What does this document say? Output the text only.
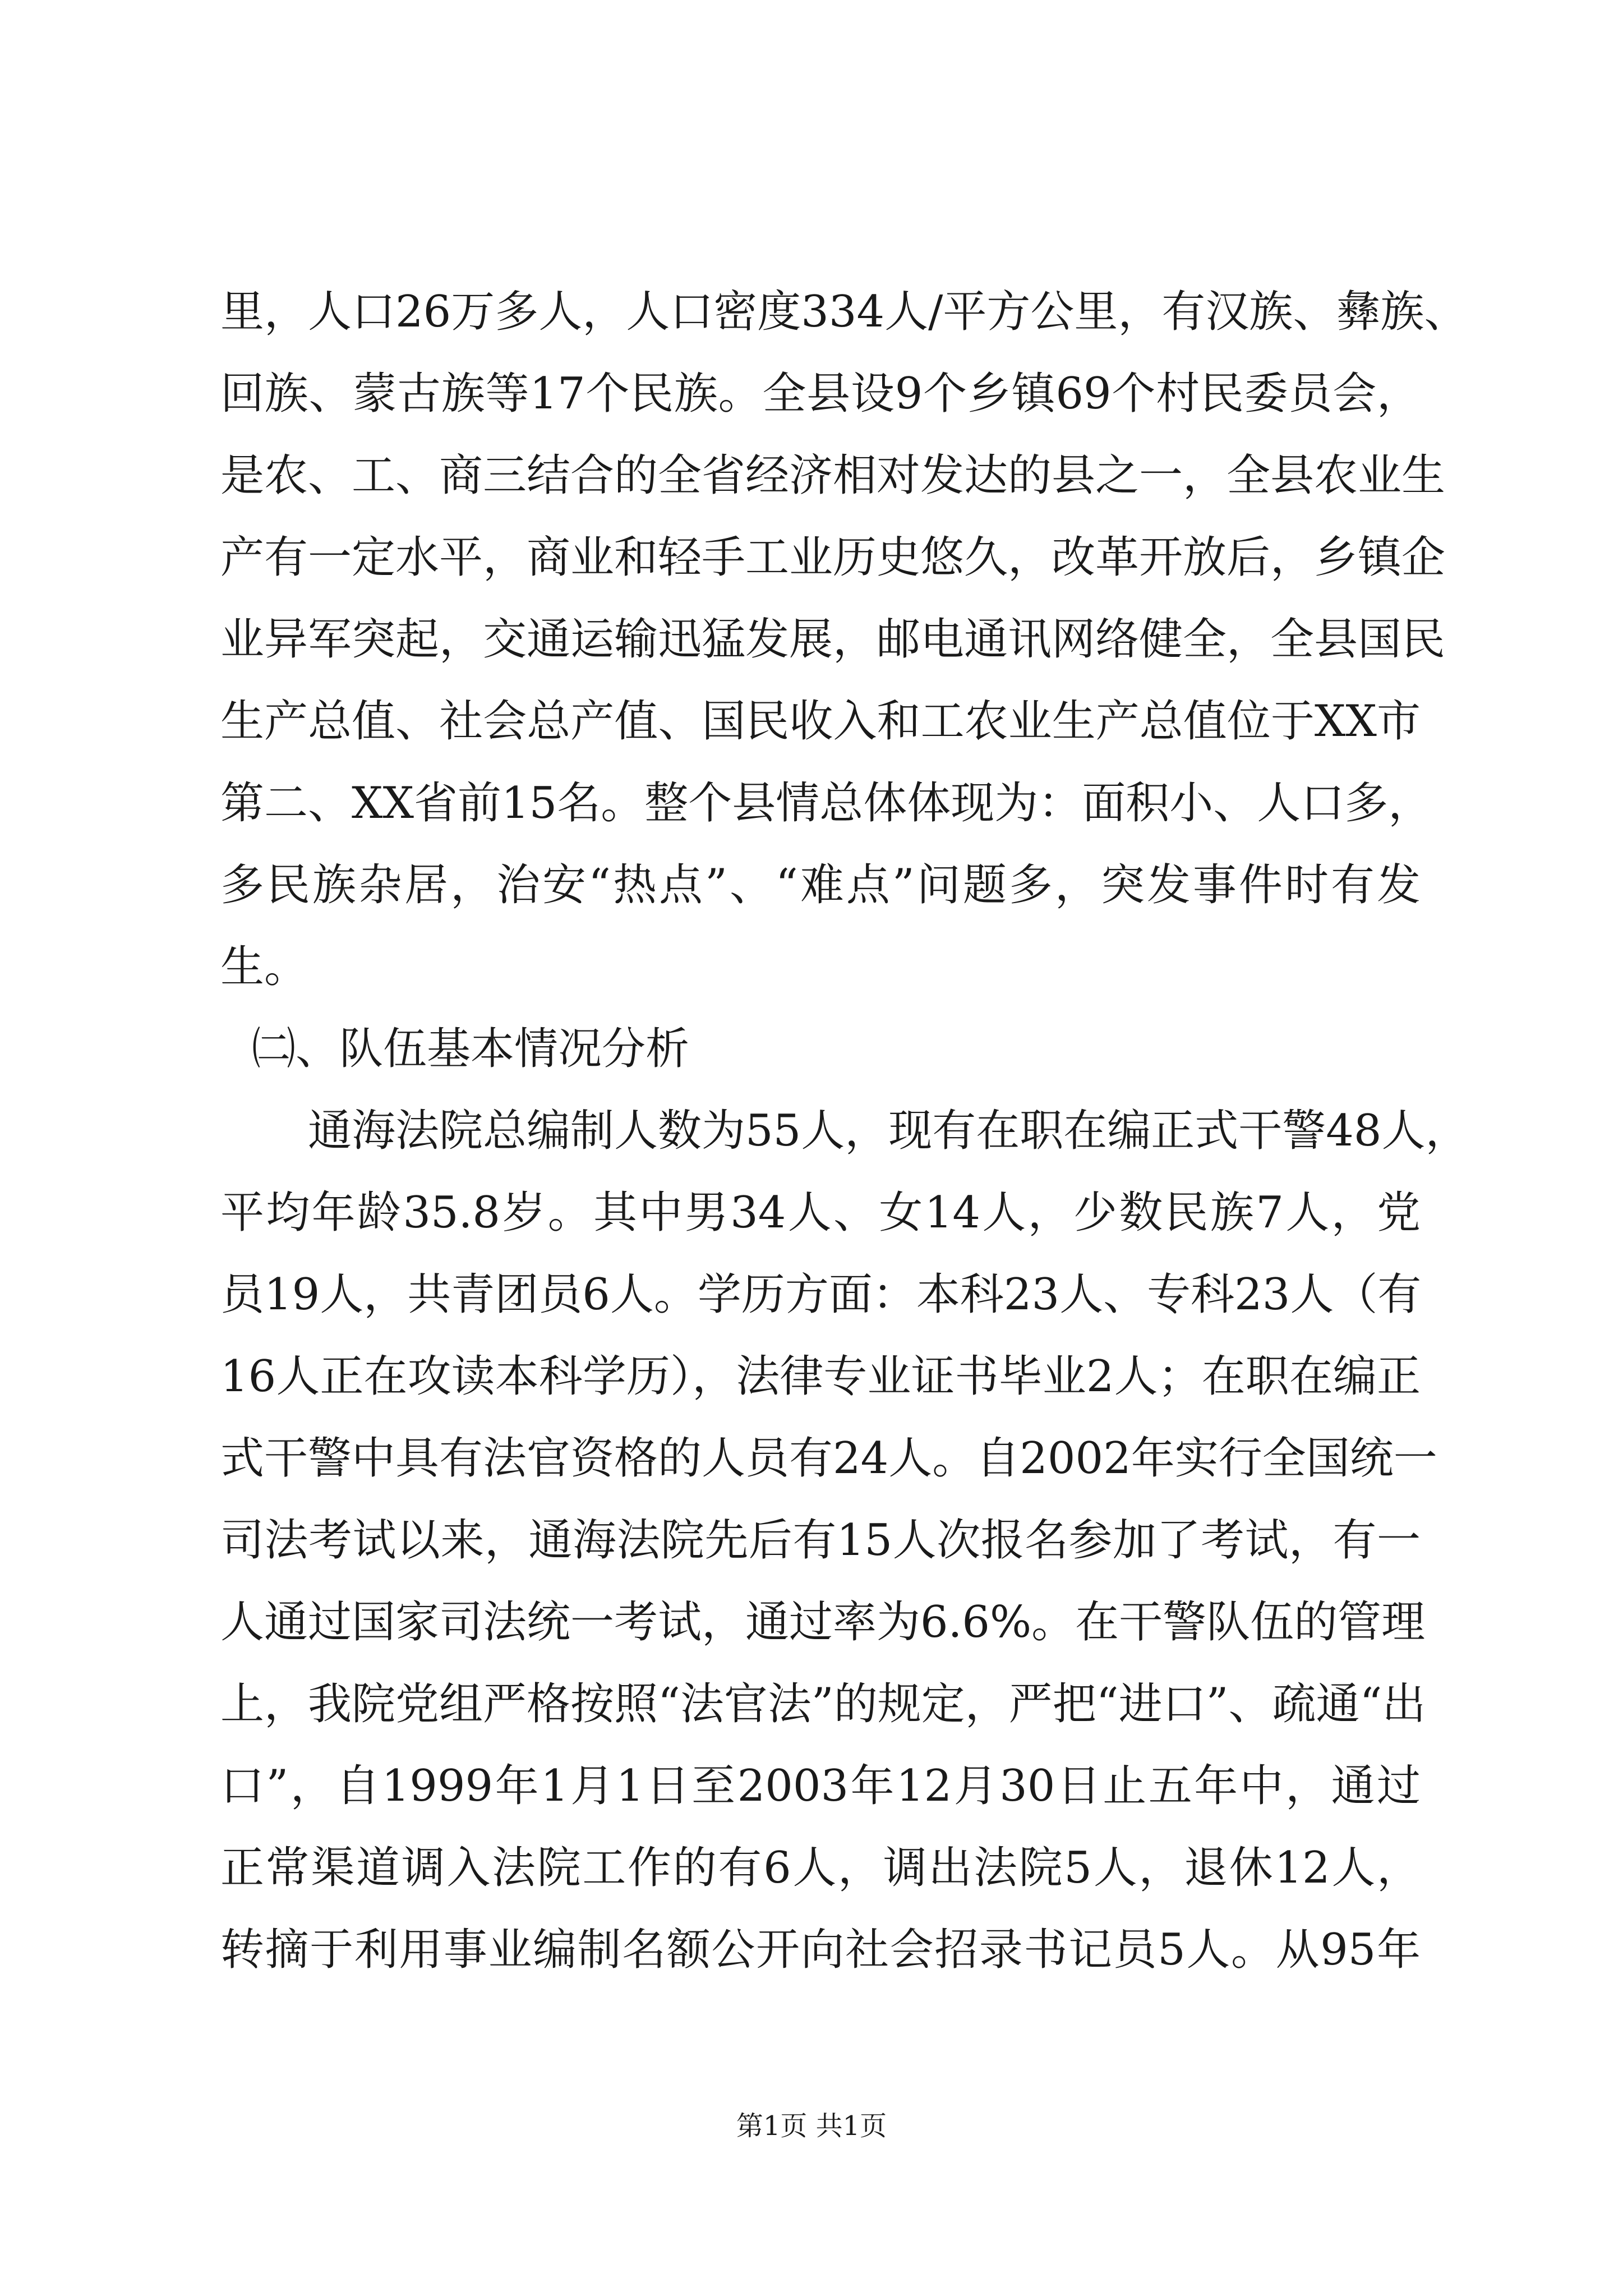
里，人口26万多人，人口密度334人/平方公里，有汉族、彝族、
回族、蒙古族等17个民族。全县设9个乡镇69个村民委员会，
是农、工、商三结合的全省经济相对发达的县之一，全县农业生
产有一定水平，商业和轻手工业历史悠久，改革开放后，乡镇企
业异军突起，交通运输迅猛发展，邮电通讯网络健全，全县国民
生产总值、社会总产值、国民收入和工农业生产总值位于XX市
第二、XX省前15名。整个县情总体体现为：面积小、人口多，
多民族杂居，治安“热点”、“难点”问题多，突发事件时有发
生。
㈡、队伍基本情况分析
通海法院总编制人数为55人，现有在职在编正式干警48人，
平均年龄35.8岁。其中男34人、女14人，少数民族7人，党
员19人，共青团员6人。学历方面：本科23人、专科23人（有
16人正在攻读本科学历），法律专业证书毕业2人；在职在编正
式干警中具有法官资格的人员有24人。自2002年实行全国统一
司法考试以来，通海法院先后有15人次报名参加了考试，有一
人通过国家司法统一考试，通过率为6.6%。在干警队伍的管理
上，我院党组严格按照“法官法”的规定，严把“进口”、疏通“出
口”，自1999年1月1日至2003年12月30日止五年中，通过
正常渠道调入法院工作的有6人，调出法院5人，退休12人，
转摘于利用事业编制名额公开向社会招录书记员5人。从95年
第1页 共1页
